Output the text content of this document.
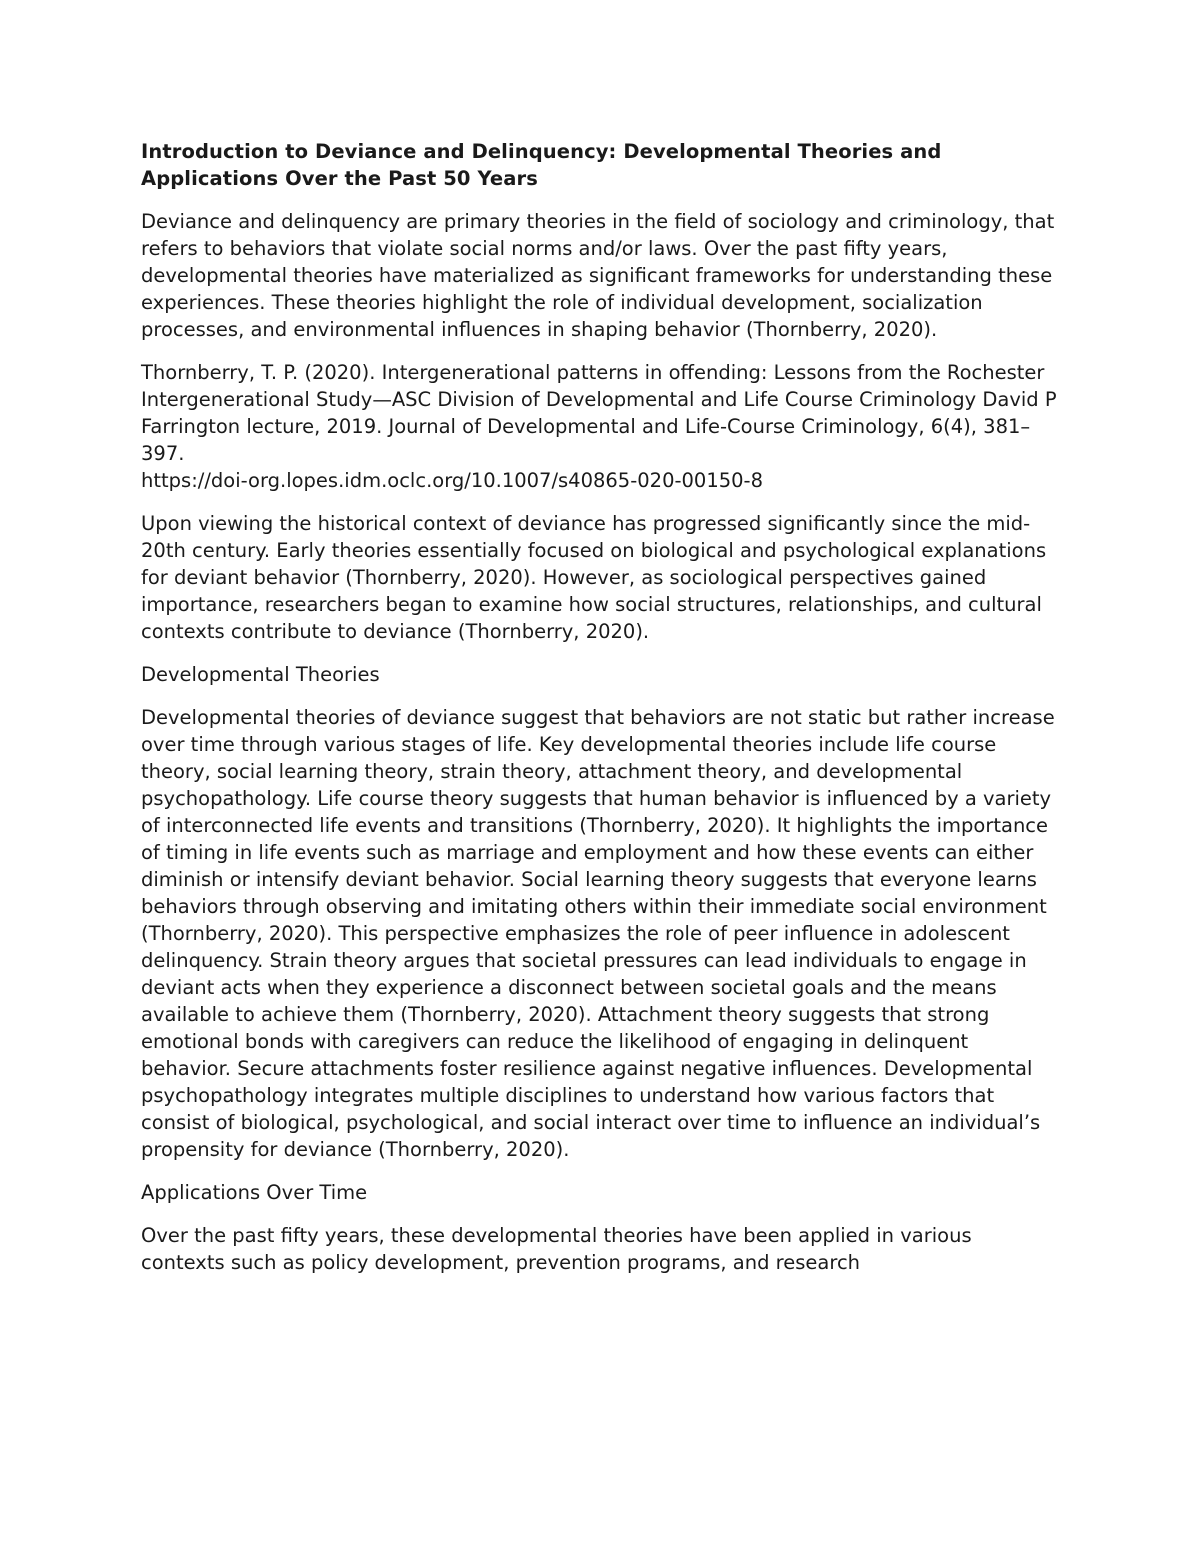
Introduction to Deviance and Delinquency: Developmental Theories and Applications Over the Past 50 Years
Deviance and delinquency are primary theories in the field of sociology and criminology, that refers to behaviors that violate social norms and/or laws. Over the past fifty years, developmental theories have materialized as significant frameworks for understanding these experiences. These theories highlight the role of individual development, socialization processes, and environmental influences in shaping behavior (Thornberry, 2020).
Thornberry, T. P. (2020). Intergenerational patterns in offending: Lessons from the Rochester Intergenerational Study—ASC Division of Developmental and Life Course Criminology David P Farrington lecture, 2019. Journal of Developmental and Life-Course Criminology, 6(4), 381–397.
https://doi-org.lopes.idm.oclc.org/10.1007/s40865-020-00150-8
Upon viewing the historical context of deviance has progressed significantly since the mid-20th century. Early theories essentially focused on biological and psychological explanations for deviant behavior (Thornberry, 2020). However, as sociological perspectives gained importance, researchers began to examine how social structures, relationships, and cultural contexts contribute to deviance (Thornberry, 2020).
Developmental Theories
Developmental theories of deviance suggest that behaviors are not static but rather increase over time through various stages of life. Key developmental theories include life course theory, social learning theory, strain theory, attachment theory, and developmental psychopathology. Life course theory suggests that human behavior is influenced by a variety of interconnected life events and transitions (Thornberry, 2020). It highlights the importance of timing in life events such as marriage and employment and how these events can either diminish or intensify deviant behavior. Social learning theory suggests that everyone learns behaviors through observing and imitating others within their immediate social environment (Thornberry, 2020). This perspective emphasizes the role of peer influence in adolescent delinquency. Strain theory argues that societal pressures can lead individuals to engage in deviant acts when they experience a disconnect between societal goals and the means available to achieve them (Thornberry, 2020). Attachment theory suggests that strong emotional bonds with caregivers can reduce the likelihood of engaging in delinquent behavior. Secure attachments foster resilience against negative influences. Developmental psychopathology integrates multiple disciplines to understand how various factors that consist of biological, psychological, and social interact over time to influence an individual’s propensity for deviance (Thornberry, 2020).
Applications Over Time
Over the past fifty years, these developmental theories have been applied in various contexts such as policy development, prevention programs, and research
